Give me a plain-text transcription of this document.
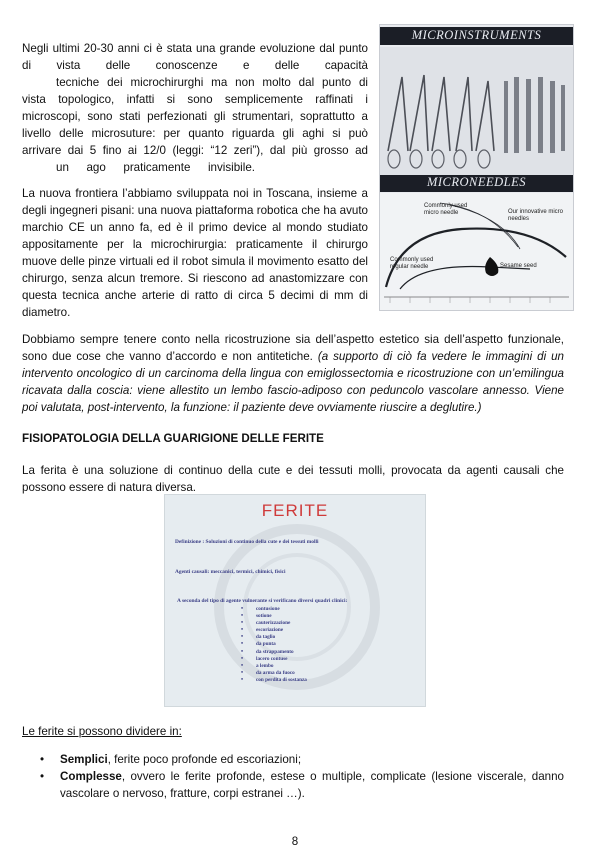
Negli ultimi 20-30 anni ci è stata una grande evoluzione dal punto
di vista delle conoscenze e delle capacità
tecniche dei microchirurghi ma non molto dal punto di
vista topologico, infatti si sono semplicemente raffinati i
microscopi, sono stati perfezionati gli strumentari, soprattutto a
livello delle microsuture: per quanto riguarda gli aghi si può
arrivare dai 5 fino ai 12/0 (leggi: “12 zeri”), dal più grosso ad
un ago praticamente invisibile.
La nuova frontiera l’abbiamo sviluppata noi in Toscana, insieme a degli ingegneri pisani: una nuova piattaforma robotica che ha avuto marchio CE un anno fa, ed è il primo device al mondo studiato appositamente per la microchirurgia: praticamente il chirurgo muove delle pinze virtuali ed il robot simula il movimento esatto del chirurgo, senza alcun tremore. Si riescono ad anastomizzare con questa tecnica anche arterie di ratto di circa 5 decimi di mm di diametro.
Dobbiamo sempre tenere conto nella ricostruzione sia dell’aspetto estetico sia dell’aspetto funzionale, sono due cose che vanno d’accordo e non antitetiche. (a supporto di ciò fa vedere le immagini di un intervento oncologico di un carcinoma della lingua con emiglossectomia e ricostruzione con un’emilingua ricavata dalla coscia: viene allestito un lembo fascio-adiposo con peduncolo vascolare annesso. Viene poi valutata, post-intervento, la funzione: il paziente deve ovviamente riuscire a deglutire.)
FISIOPATOLOGIA DELLA GUARIGIONE DELLE FERITE
La ferita è una soluzione di continuo della cute e dei tessuti molli, provocata da agenti causali che possono essere di natura diversa.
Le ferite si possono dividere in:
• Semplici, ferite poco profonde ed escoriazioni;
• Complesse, ovvero le ferite profonde, estese o multiple, complicate (lesione viscerale, danno vascolare o nervoso, fratture, corpi estranei …).
8
MICROINSTRUMENTS
MICRONEEDLES
Commonly used micro needle	Our innovative micro needles
Commonly used regular needle	Sesame seed
FERITE
Definizione : Soluzioni di continuo della cute e dei tessuti molli
Agenti causali: meccanici, termici, chimici, fisici
A seconda del tipo di agente vulnerante si verificano diversi quadri clinici:
• contusione
• sotione
• cauterizzazione
• escoriazione
• da taglio
• da punta
• da strappamento
• lacero contuse
• a lembo
• da arma da fuoco
• con perdita di sostanza
